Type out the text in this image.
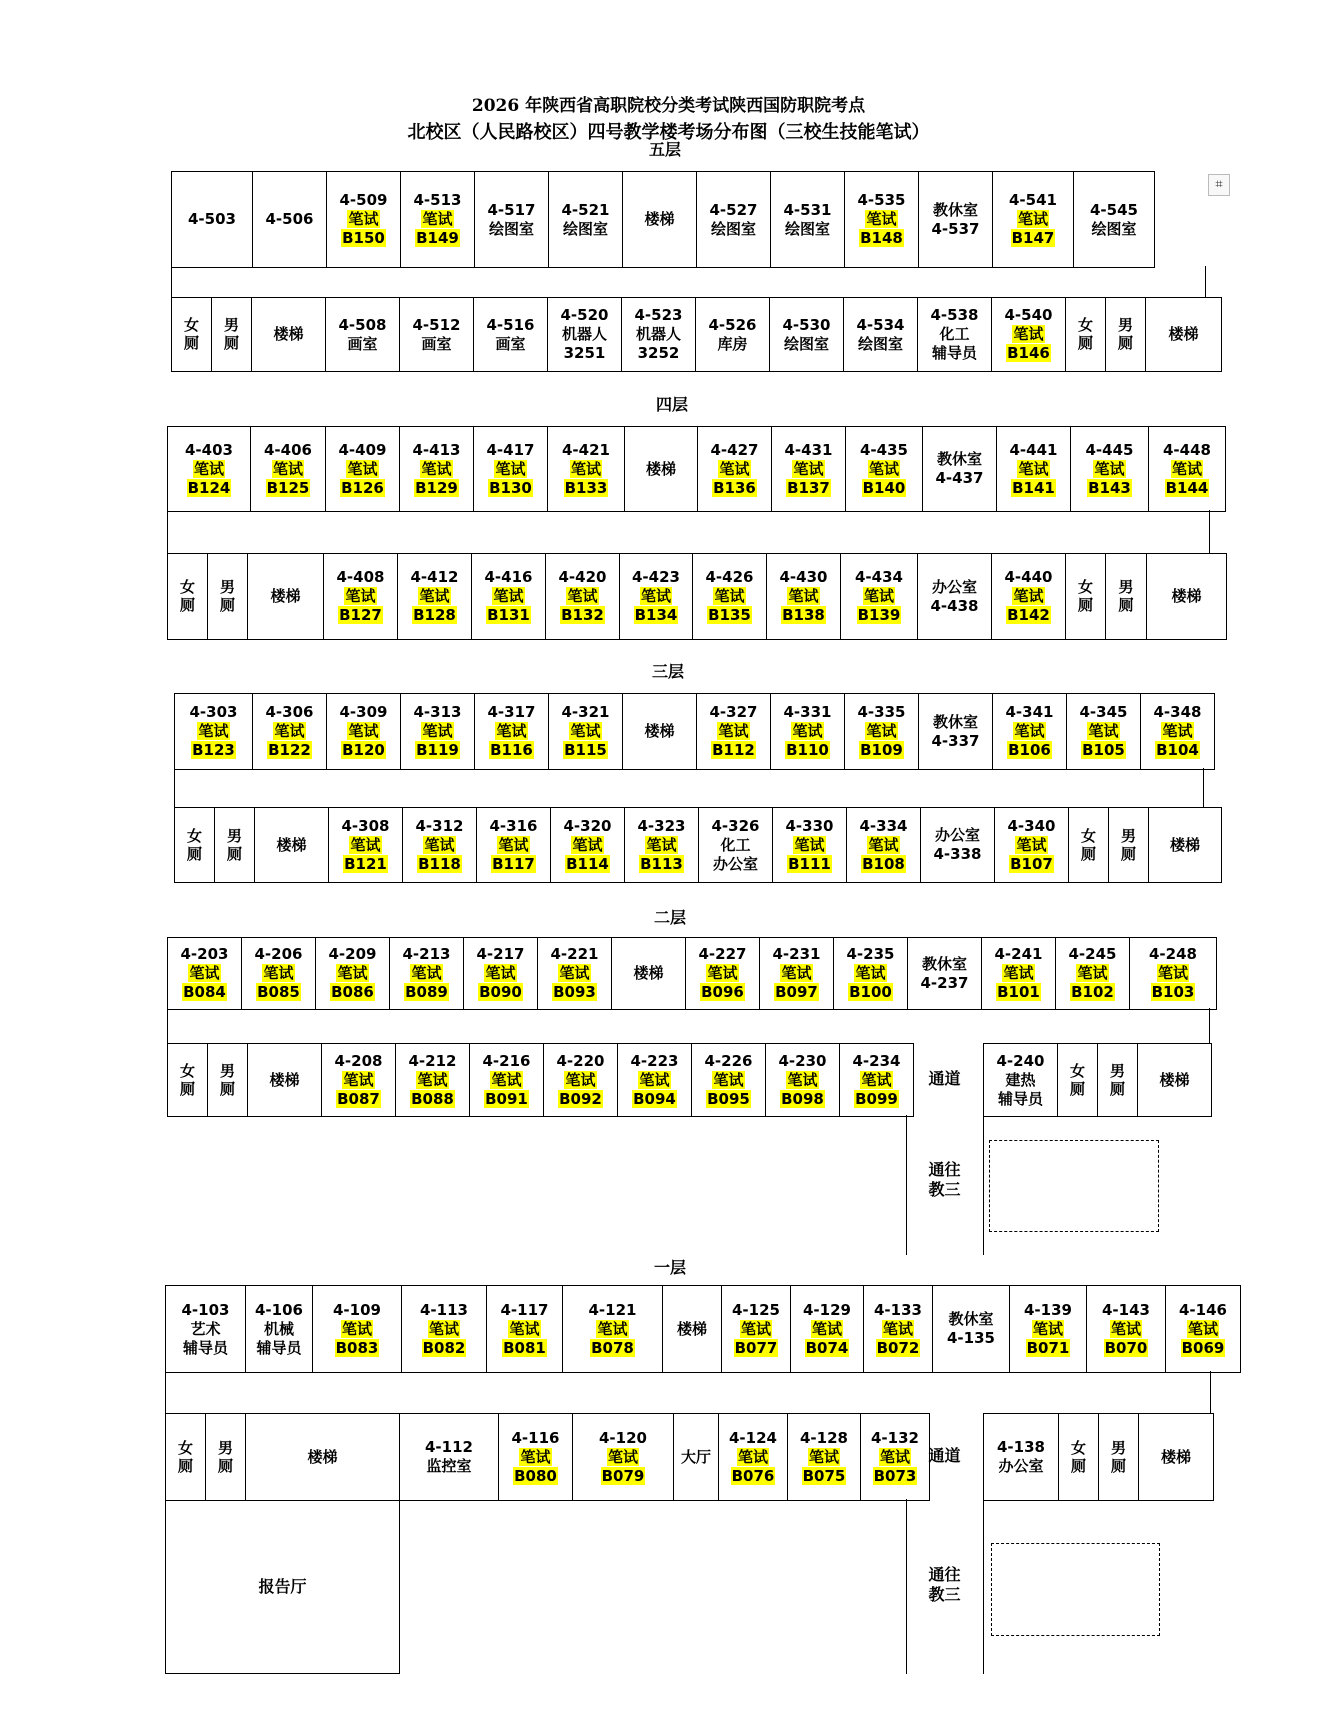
2026 年陕西省高职院校分类考试陕西国防职院考点
北校区（人民路校区）四号教学楼考场分布图（三校生技能笔试）
⌗
五层
4-503	4-506	4-509
笔试
B150	4-513
笔试
B149	4-517
绘图室	4-521
绘图室	楼梯	4-527
绘图室	4-531
绘图室	4-535
笔试
B148	教休室
4-537	4-541
笔试
B147	4-545
绘图室	

女厕	男厕	楼梯	4-508
画室	4-512
画室	4-516
画室	4-520
机器人
3251	4-523
机器人
3252	4-526
库房	4-530
绘图室	4-534
绘图室	4-538
化工
辅导员	4-540
笔试
B146	女厕	男厕	楼梯
四层
4-403
笔试
B124	4-406
笔试
B125	4-409
笔试
B126	4-413
笔试
B129	4-417
笔试
B130	4-421
笔试
B133	楼梯	4-427
笔试
B136	4-431
笔试
B137	4-435
笔试
B140	教休室
4-437	4-441
笔试
B141	4-445
笔试
B143	4-448
笔试
B144
女厕	男厕	楼梯	4-408
笔试
B127	4-412
笔试
B128	4-416
笔试
B131	4-420
笔试
B132	4-423
笔试
B134	4-426
笔试
B135	4-430
笔试
B138	4-434
笔试
B139	办公室
4-438	4-440
笔试
B142	女厕	男厕	楼梯
三层
4-303
笔试
B123	4-306
笔试
B122	4-309
笔试
B120	4-313
笔试
B119	4-317
笔试
B116	4-321
笔试
B115	楼梯	4-327
笔试
B112	4-331
笔试
B110	4-335
笔试
B109	教休室
4-337	4-341
笔试
B106	4-345
笔试
B105	4-348
笔试
B104
女厕	男厕	楼梯	4-308
笔试
B121	4-312
笔试
B118	4-316
笔试
B117	4-320
笔试
B114	4-323
笔试
B113	4-326
化工
办公室	4-330
笔试
B111	4-334
笔试
B108	办公室
4-338	4-340
笔试
B107	女厕	男厕	楼梯
二层
4-203
笔试
B084	4-206
笔试
B085	4-209
笔试
B086	4-213
笔试
B089	4-217
笔试
B090	4-221
笔试
B093	楼梯	4-227
笔试
B096	4-231
笔试
B097	4-235
笔试
B100	教休室
4-237	4-241
笔试
B101	4-245
笔试
B102	4-248
笔试
B103
女厕	男厕	楼梯	4-208
笔试
B087	4-212
笔试
B088	4-216
笔试
B091	4-220
笔试
B092	4-223
笔试
B094	4-226
笔试
B095	4-230
笔试
B098	4-234
笔试
B099
4-240
建热
辅导员	女厕	男厕	楼梯
通道
通往
教三
一层
4-103
艺术
辅导员	4-106
机械
辅导员	4-109
笔试
B083	4-113
笔试
B082	4-117
笔试
B081	4-121
笔试
B078	楼梯	4-125
笔试
B077	4-129
笔试
B074	4-133
笔试
B072	教休室
4-135	4-139
笔试
B071	4-143
笔试
B070	4-146
笔试
B069
女厕	男厕	楼梯	4-112
监控室	4-116
笔试
B080	4-120
笔试
B079	大厅	4-124
笔试
B076	4-128
笔试
B075	4-132
笔试
B073
4-138
办公室	女厕	男厕	楼梯
通道
通往
教三
报告厅
